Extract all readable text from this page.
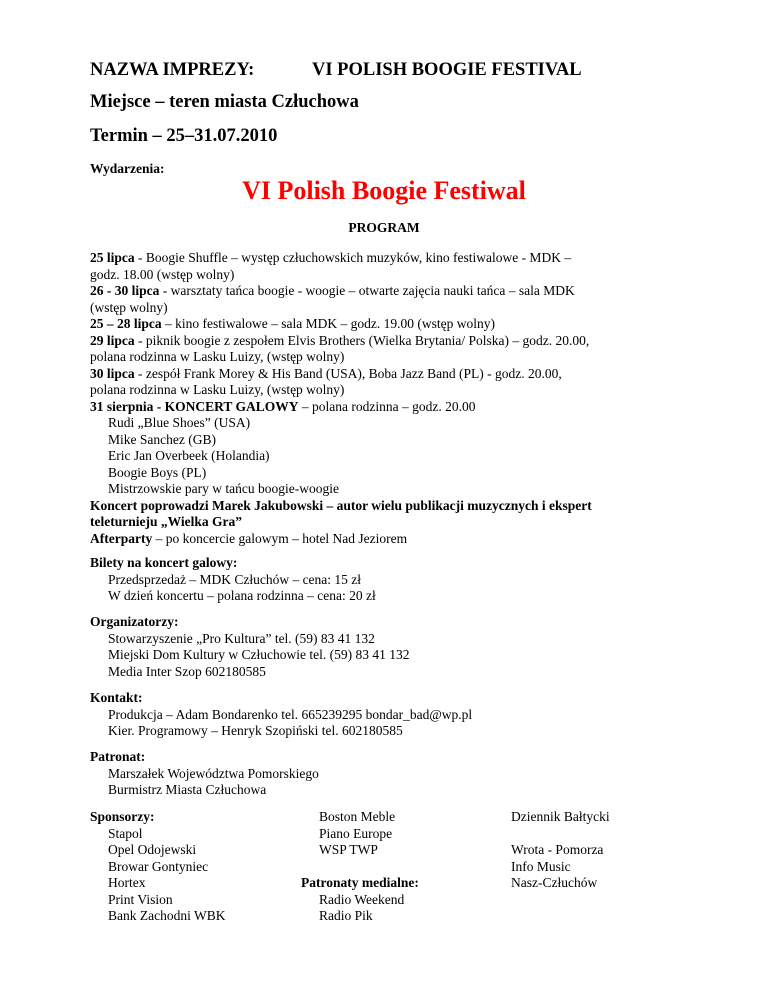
NAZWA IMPREZY:	VI POLISH BOOGIE FESTIVAL
Miejsce – teren miasta Człuchowa
Termin – 25–31.07.2010
Wydarzenia:
VI Polish Boogie Festiwal
PROGRAM
25 lipca - Boogie Shuffle – występ człuchowskich muzyków, kino festiwalowe - MDK –
godz. 18.00 (wstęp wolny)
26 - 30 lipca - warsztaty tańca boogie - woogie – otwarte zajęcia nauki tańca – sala MDK
(wstęp wolny)
25 – 28 lipca – kino festiwalowe – sala MDK – godz. 19.00 (wstęp wolny)
29 lipca - piknik boogie z zespołem Elvis Brothers (Wielka Brytania/ Polska) – godz. 20.00,
polana rodzinna w Lasku Luizy, (wstęp wolny)
30 lipca - zespół Frank Morey & His Band (USA), Boba Jazz Band (PL) - godz. 20.00,
polana rodzinna w Lasku Luizy, (wstęp wolny)
31 sierpnia - KONCERT GALOWY – polana rodzinna – godz. 20.00
Rudi „Blue Shoes” (USA)
Mike Sanchez (GB)
Eric Jan Overbeek (Holandia)
Boogie Boys (PL)
Mistrzowskie pary w tańcu boogie-woogie
Koncert poprowadzi Marek Jakubowski – autor wielu publikacji muzycznych i ekspert
teleturnieju „Wielka Gra”
Afterparty – po koncercie galowym – hotel Nad Jeziorem
Bilety na koncert galowy:
Przedsprzedaż – MDK Człuchów – cena: 15 zł
W dzień koncertu – polana rodzinna – cena: 20 zł
Organizatorzy:
Stowarzyszenie „Pro Kultura” tel. (59) 83 41 132
Miejski Dom Kultury w Człuchowie tel. (59) 83 41 132
Media Inter Szop 602180585
Kontakt:
Produkcja – Adam Bondarenko tel. 665239295 bondar_bad@wp.pl
Kier. Programowy – Henryk Szopiński tel. 602180585
Patronat:
Marszałek Województwa Pomorskiego
Burmistrz Miasta Człuchowa
Sponsorzy:
Stapol
Opel Odojewski
Browar Gontyniec
Hortex
Print Vision
Bank Zachodni WBK
Boston Meble
Piano Europe
WSP TWP
Patronaty medialne:
Radio Weekend
Radio Pik
Dziennik Bałtycki
Wrota - Pomorza
Info Music
Nasz-Człuchów
